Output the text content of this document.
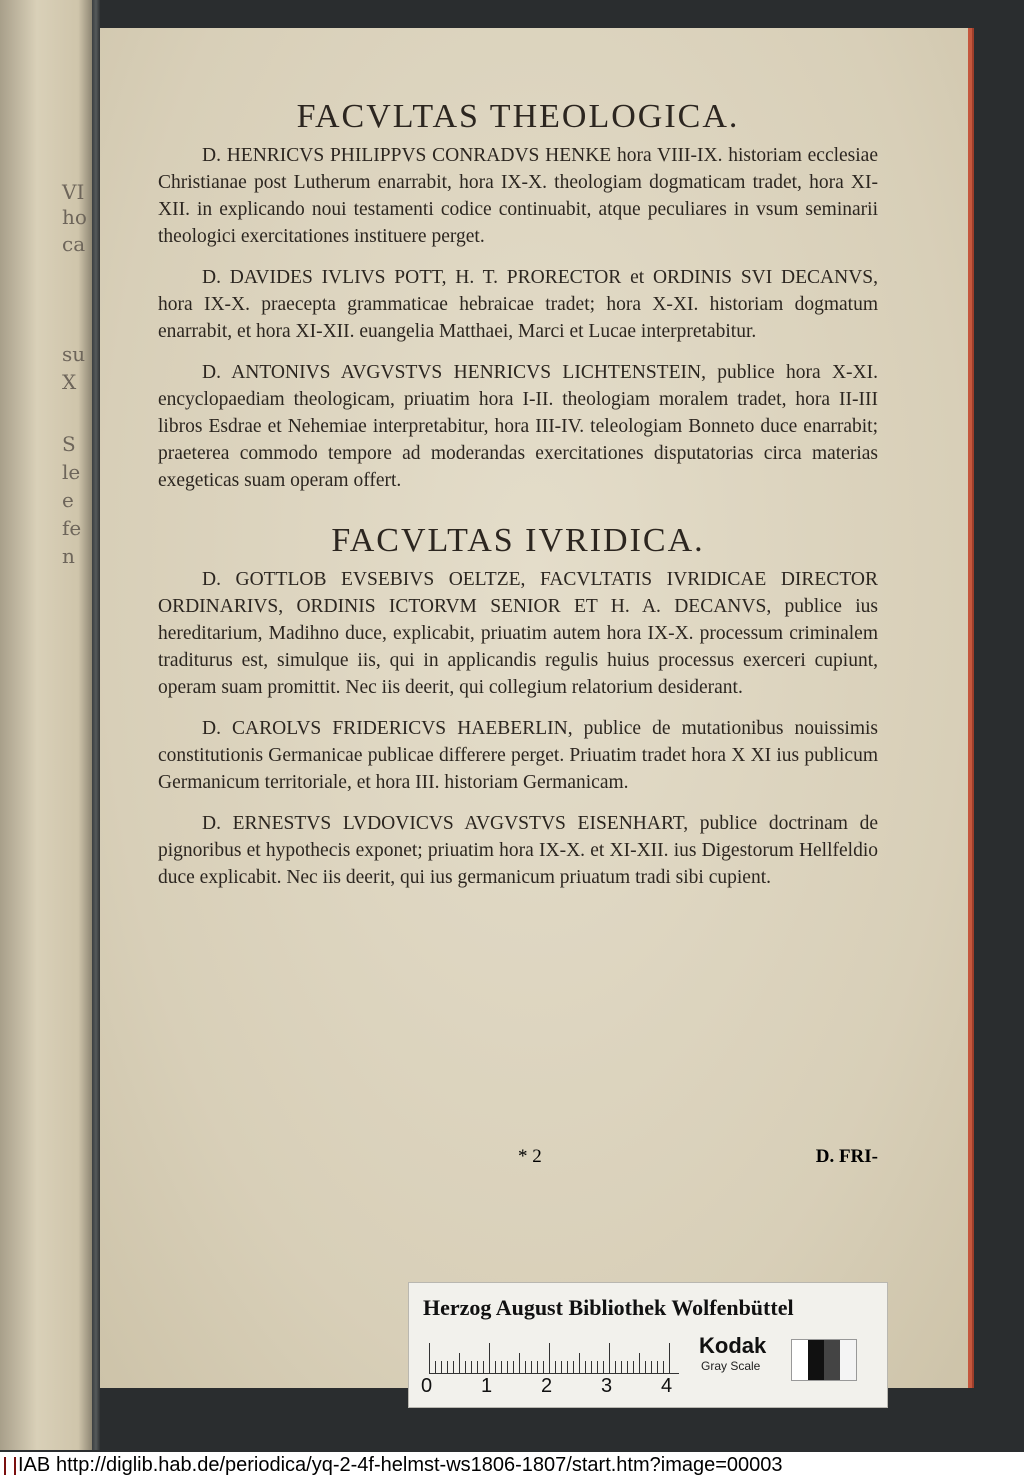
VI
ho
ca
su
X
S
le
e
fe
n
FACVLTAS THEOLOGICA.

D. HENRICVS PHILIPPVS CONRADVS HENKE hora VIII-IX. historiam ecclesiae Christianae post Lutherum enarrabit, hora IX-X. theologiam dogmaticam tradet, hora XI-XII. in explicando noui testamenti codice continuabit, atque peculiares in vsum seminarii theologici exercitationes instituere perget.

D. DAVIDES IVLIVS POTT, H. T. PRORECTOR et ORDINIS SVI DECANVS, hora IX-X. praecepta grammaticae hebraicae tradet; hora X-XI. historiam dogmatum enarrabit, et hora XI-XII. euangelia Matthaei, Marci et Lucae interpretabitur.

D. ANTONIVS AVGVSTVS HENRICVS LICHTENSTEIN, publice hora X-XI. encyclopaediam theologicam, priuatim hora I-II. theologiam moralem tradet, hora II-III libros Esdrae et Nehemiae interpretabitur, hora III-IV. teleologiam Bonneto duce enarrabit; praeterea commodo tempore ad moderandas exercitationes disputatorias circa materias exegeticas suam operam offert.

FACVLTAS IVRIDICA.

D. GOTTLOB EVSEBIVS OELTZE, FACVLTATIS IVRIDICAE DIRECTOR ORDINARIVS, ORDINIS ICTORVM SENIOR ET H. A. DECANVS, publice ius hereditarium, Madihno duce, explicabit, priuatim autem hora IX-X. processum criminalem traditurus est, simulque iis, qui in applicandis regulis huius processus exerceri cupiunt, operam suam promittit. Nec iis deerit, qui collegium relatorium desiderant.

D. CAROLVS FRIDERICVS HAEBERLIN, publice de mutationibus nouissimis constitutionis Germanicae publicae differere perget. Priuatim tradet hora X XI ius publicum Germanicum territoriale, et hora III. historiam Germanicam.

D. ERNESTVS LVDOVICVS AVGVSTVS EISENHART, publice doctrinam de pignoribus et hypothecis exponet; priuatim hora IX-X. et XI-XII. ius Digestorum Hellfeldio duce explicabit. Nec iis deerit, qui ius germanicum priuatum tradi sibi cupient.

* 2	D. FRI-
Herzog August Bibliothek Wolfenbüttel
0 1 2 3 4
Kodak
Gray Scale
IAB http://diglib.hab.de/periodica/yq-2-4f-helmst-ws1806-1807/start.htm?image=00003
